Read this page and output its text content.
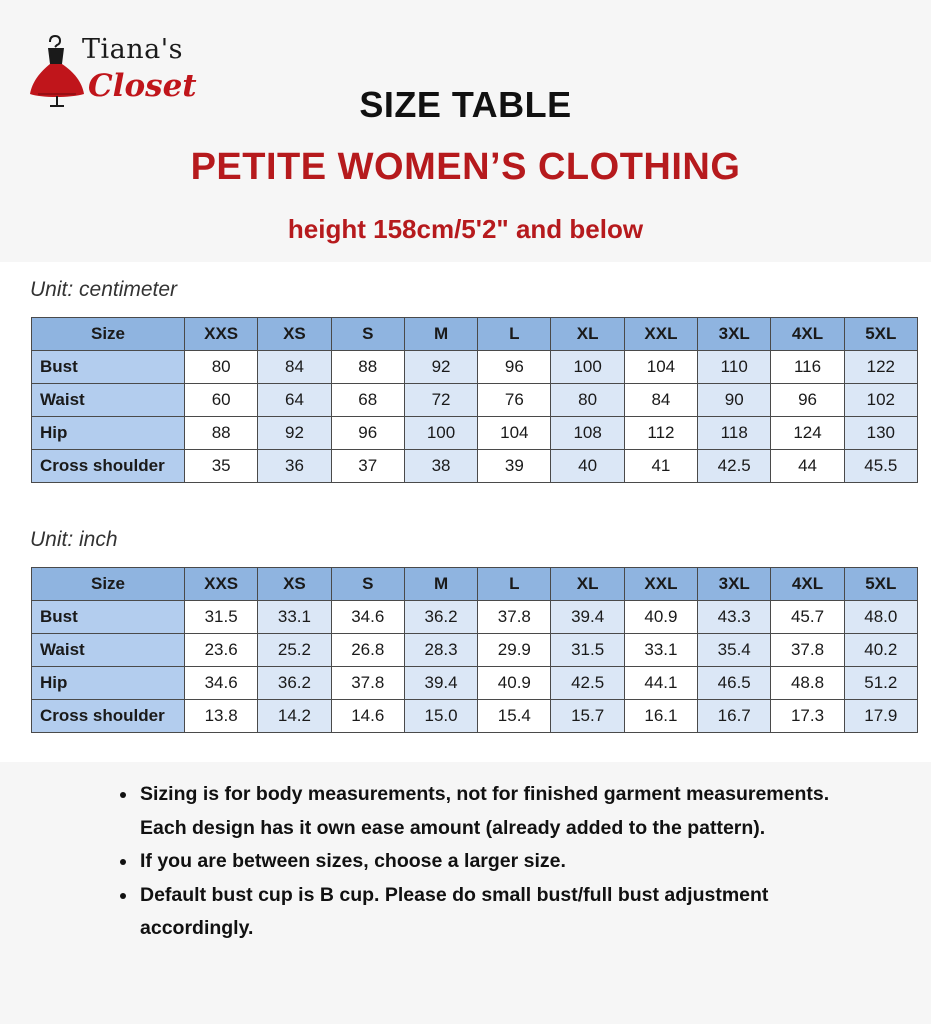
Tiana's
Closet	SIZE TABLE
PETITE WOMEN’S CLOTHING
height 158cm/5'2" and below
Unit: centimeter
Size	XXS	XS	S	M	L	XL	XXL	3XL	4XL	5XL
Bust	80	84	88	92	96	100	104	110	116	122
Waist	60	64	68	72	76	80	84	90	96	102
Hip	88	92	96	100	104	108	112	118	124	130
Cross shoulder	35	36	37	38	39	40	41	42.5	44	45.5
Unit: inch
Size	XXS	XS	S	M	L	XL	XXL	3XL	4XL	5XL
Bust	31.5	33.1	34.6	36.2	37.8	39.4	40.9	43.3	45.7	48.0
Waist	23.6	25.2	26.8	28.3	29.9	31.5	33.1	35.4	37.8	40.2
Hip	34.6	36.2	37.8	39.4	40.9	42.5	44.1	46.5	48.8	51.2
Cross shoulder	13.8	14.2	14.6	15.0	15.4	15.7	16.1	16.7	17.3	17.9
• Sizing is for body measurements, not for finished garment measurements. Each design has it own ease amount (already added to the pattern).
• If you are between sizes, choose a larger size.
• Default bust cup is B cup. Please do small bust/full bust adjustment accordingly.
